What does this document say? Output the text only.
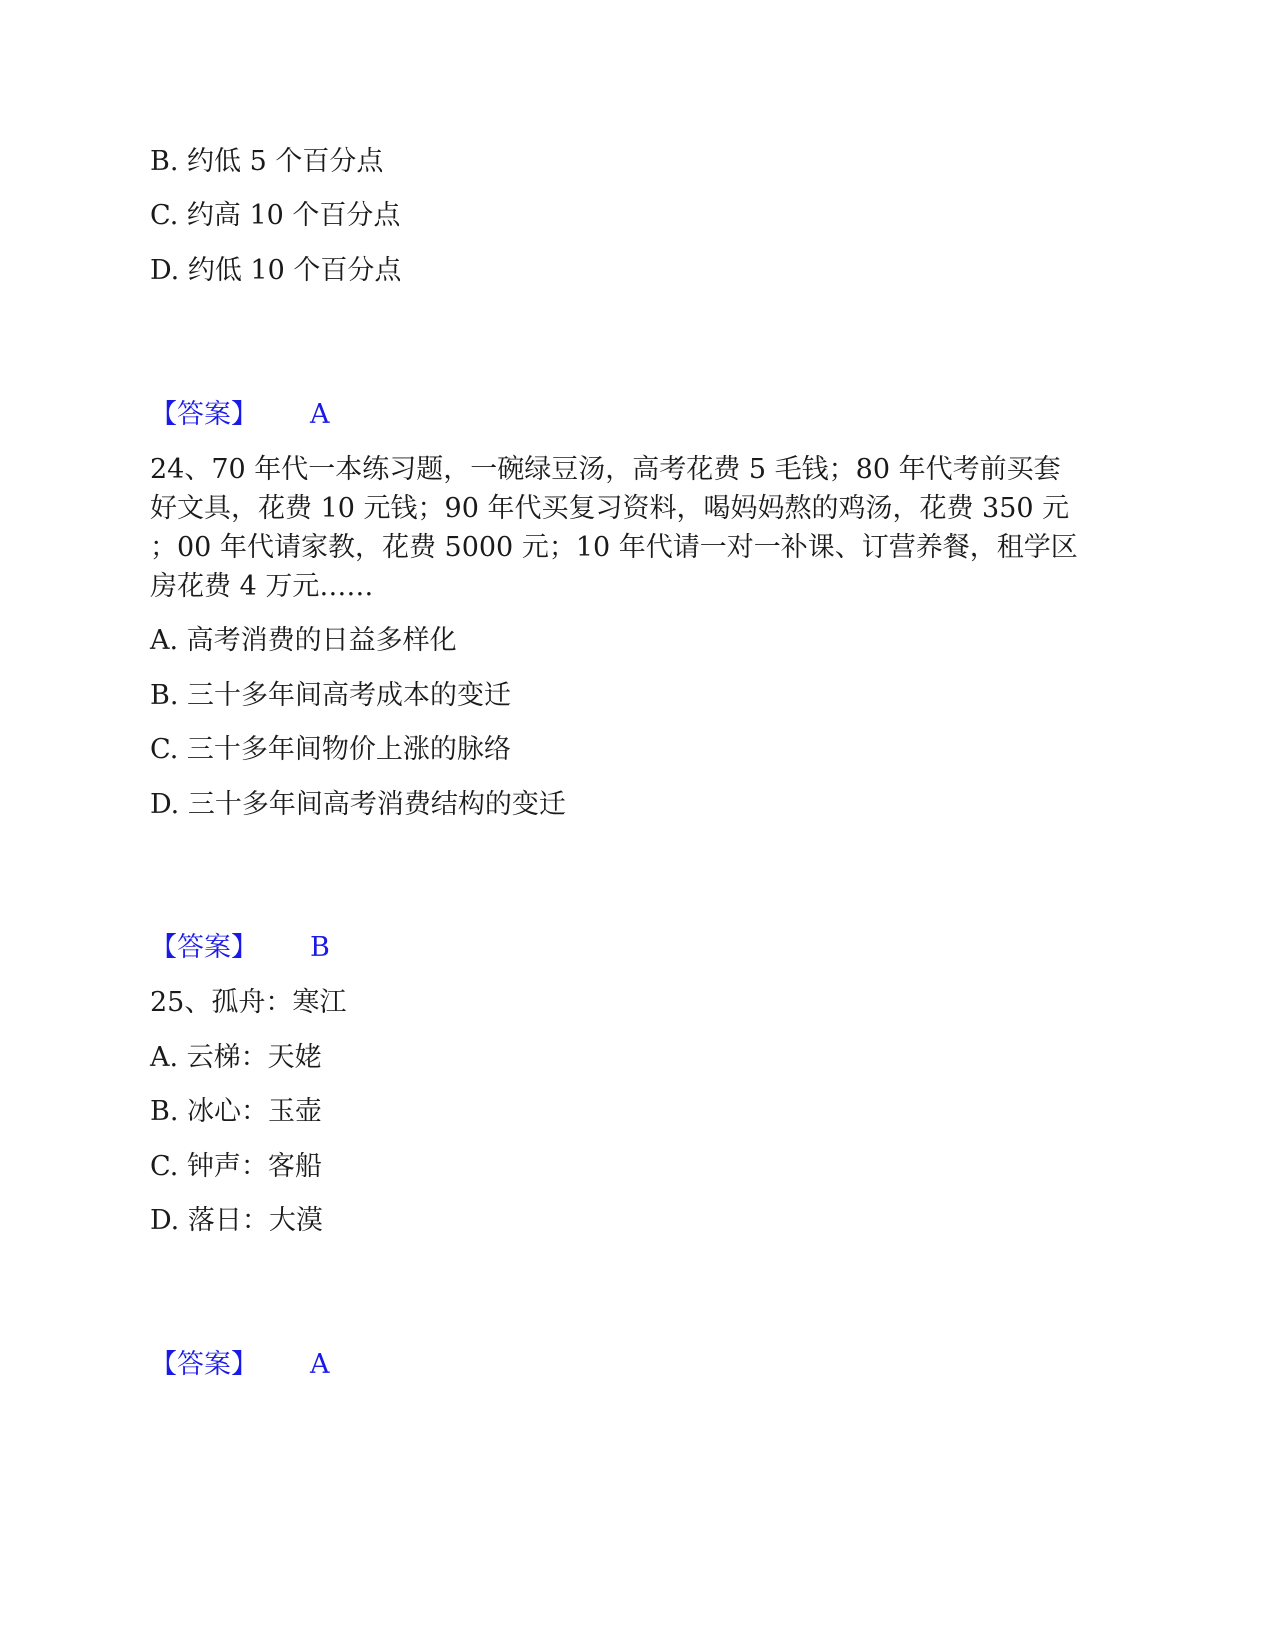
B. 约低 5 个百分点
C. 约高 10 个百分点
D. 约低 10 个百分点
【答案】 A
24、70 年代一本练习题，一碗绿豆汤，高考花费 5 毛钱；80 年代考前买套
好文具，花费 10 元钱；90 年代买复习资料，喝妈妈熬的鸡汤，花费 350 元
；00 年代请家教，花费 5000 元；10 年代请一对一补课、订营养餐，租学区
房花费 4 万元……
A. 高考消费的日益多样化
B. 三十多年间高考成本的变迁
C. 三十多年间物价上涨的脉络
D. 三十多年间高考消费结构的变迁
【答案】 B
25、孤舟：寒江
A. 云梯：天姥
B. 冰心：玉壶
C. 钟声：客船
D. 落日：大漠
【答案】 A
